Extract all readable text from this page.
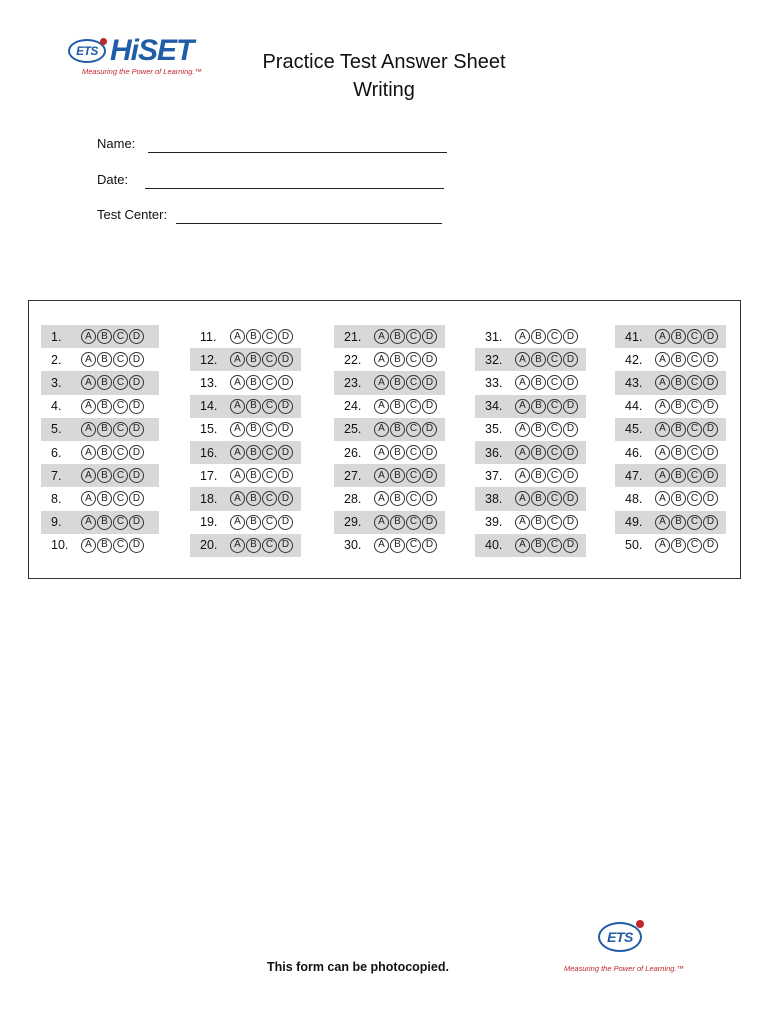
ETS HiSET
Measuring the Power of Learning.™	Practice Test Answer Sheet
Writing
Name:
Date:
Test Center:
1.	A B C D
2.	A B C D
3.	A B C D
4.	A B C D
5.	A B C D
6.	A B C D
7.	A B C D
8.	A B C D
9.	A B C D
10.	A B C D
11.	A B C D
12.	A B C D
13.	A B C D
14.	A B C D
15.	A B C D
16.	A B C D
17.	A B C D
18.	A B C D
19.	A B C D
20.	A B C D
21.	A B C D
22.	A B C D
23.	A B C D
24.	A B C D
25.	A B C D
26.	A B C D
27.	A B C D
28.	A B C D
29.	A B C D
30.	A B C D
31.	A B C D
32.	A B C D
33.	A B C D
34.	A B C D
35.	A B C D
36.	A B C D
37.	A B C D
38.	A B C D
39.	A B C D
40.	A B C D
41.	A B C D
42.	A B C D
43.	A B C D
44.	A B C D
45.	A B C D
46.	A B C D
47.	A B C D
48.	A B C D
49.	A B C D
50.	A B C D
This form can be photocopied.
ETS
Measuring the Power of Learning.™
